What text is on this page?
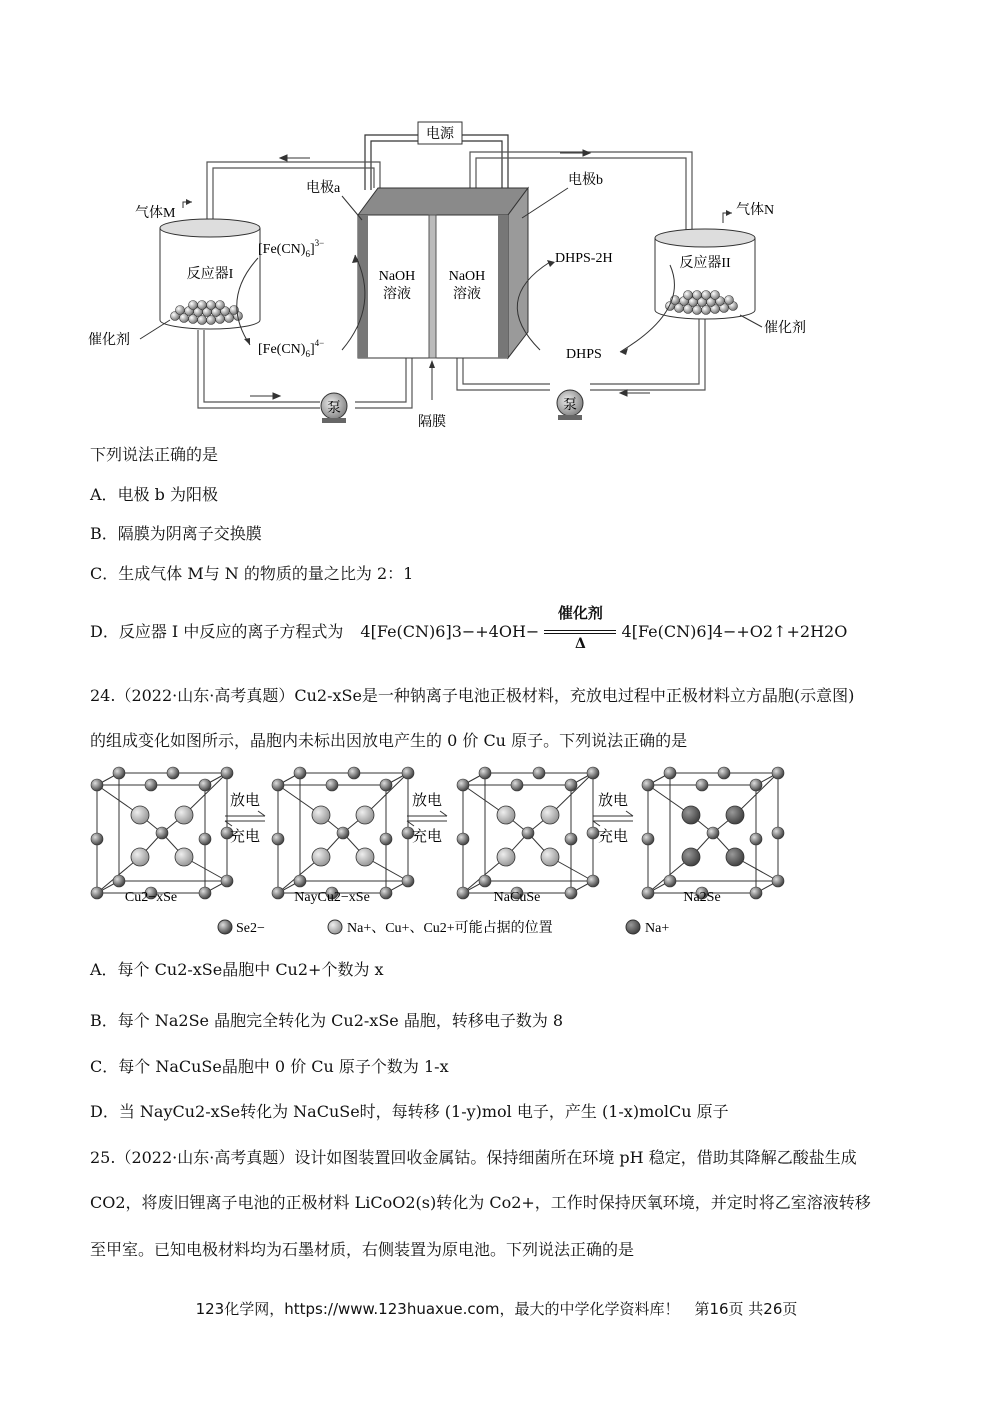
电源
NaOH
溶液
NaOH
溶液
电极a
电极b
反应器I
气体M
催化剂
反应器II
气体N
催化剂
$[Fe(CN)_6]^{3-}$
$[Fe(CN)_6]^{4-}$
DHPS-2H
DHPS
泵	泵
隔膜
下列说法正确的是
A．电极 b 为阳极
B．隔膜为阴离子交换膜
C．生成气体 M与 N 的物质的量之比为 2：1
D．反应器 I 中反应的离子方程式为 4[Fe(CN)6]3−+4OH−
催化剂
Δ
4[Fe(CN)6]4−+O2↑+2H2O
24.（2022·山东·高考真题）Cu2-xSe是一种钠离子电池正极材料，充放电过程中正极材料立方晶胞(示意图)
的组成变化如图所示，晶胞内未标出因放电产生的 0 价 Cu 原子。下列说法正确的是
Cu2−xSe	NayCu2−xSe	NaCuSe	Na2Se
放电
充电
放电
充电
放电
充电
Se2−	Na+、Cu+、Cu2+可能占据的位置	Na+
A．每个 Cu2-xSe晶胞中 Cu2+个数为 x
B．每个 Na2Se 晶胞完全转化为 Cu2-xSe 晶胞，转移电子数为 8
C．每个 NaCuSe晶胞中 0 价 Cu 原子个数为 1-x
D．当 NayCu2-xSe转化为 NaCuSe时，每转移 (1-y)mol 电子，产生 (1-x)molCu 原子
25.（2022·山东·高考真题）设计如图装置回收金属钴。保持细菌所在环境 pH 稳定，借助其降解乙酸盐生成
CO2，将废旧锂离子电池的正极材料 LiCoO2(s)转化为 Co2+，工作时保持厌氧环境，并定时将乙室溶液转移
至甲室。已知电极材料均为石墨材质，右侧装置为原电池。下列说法正确的是
123化学网，https://www.123huaxue.com，最大的中学化学资料库！　第16页 共26页
